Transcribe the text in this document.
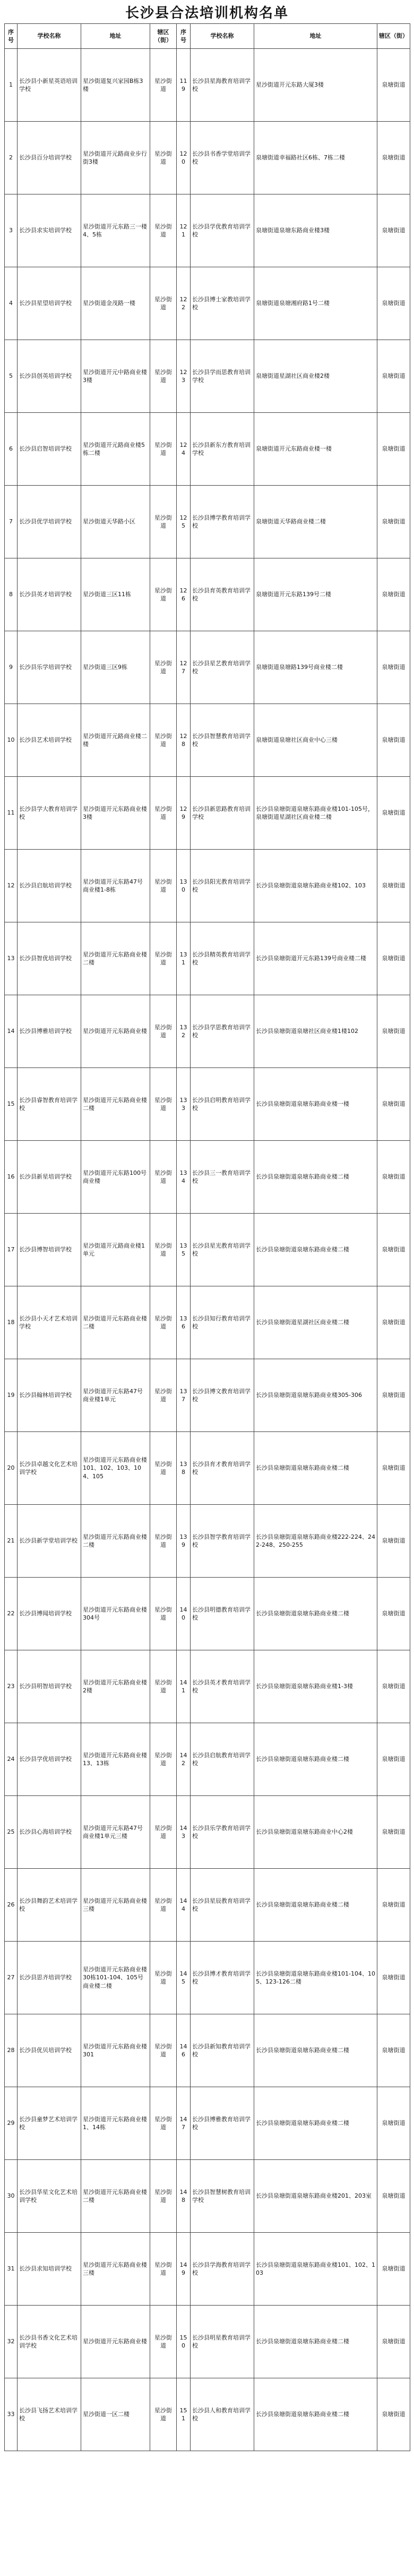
长沙县合法培训机构名单
序号	学校名称	地址	辖区（街）	序号	学校名称	地址	辖区（街）
1	长沙县小新星英语培训学校	星沙街道复兴家园B栋3楼	星沙街道	119	长沙县星海教育培训学校	星沙街道开元东路大厦3楼	泉塘街道
2	长沙县百分培训学校	星沙街道开元路商业步行街3楼	星沙街道	120	长沙县书香学堂培训学校	泉塘街道幸福路社区6栋、7栋二楼	泉塘街道
3	长沙县求实培训学校	星沙街道开元东路三一楼4、5栋	星沙街道	121	长沙县学优教育培训学校	泉塘街道泉塘东路商业楼3楼	泉塘街道
4	长沙县星望培训学校	星沙街道金茂路一楼	星沙街道	122	长沙县博士家教培训学校	泉塘街道泉塘湘府路1号二楼	泉塘街道
5	长沙县创英培训学校	星沙街道开元中路商业楼3楼	星沙街道	123	长沙县学而思教育培训学校	泉塘街道星湖社区商业楼2楼	泉塘街道
6	长沙县启智培训学校	星沙街道开元路商业楼5栋二楼	星沙街道	124	长沙县新东方教育培训学校	泉塘街道开元东路商业楼一楼	泉塘街道
7	长沙县优学培训学校	星沙街道天华路小区	星沙街道	125	长沙县博学教育培训学校	泉塘街道天华路商业楼二楼	泉塘街道
8	长沙县英才培训学校	星沙街道三区11栋	星沙街道	126	长沙县育英教育培训学校	泉塘街道开元东路139号二楼	泉塘街道
9	长沙县乐学培训学校	星沙街道三区9栋	星沙街道	127	长沙县星艺教育培训学校	泉塘街道泉塘路139号商业楼二楼	泉塘街道
10	长沙县艺术培训学校	星沙街道开元路商业楼二楼	星沙街道	128	长沙县智慧教育培训学校	泉塘街道泉塘社区商业中心三楼	泉塘街道
11	长沙县学大教育培训学校	星沙街道开元东路商业楼3楼	星沙街道	129	长沙县新思路教育培训学校	长沙县泉塘街道泉塘东路商业楼101-105号，泉塘街道星湖社区商业楼二楼	泉塘街道
12	长沙县启航培训学校	星沙街道开元东路47号商业楼1-8栋	星沙街道	130	长沙县阳光教育培训学校	长沙县泉塘街道泉塘东路商业楼102、103	泉塘街道
13	长沙县智优培训学校	星沙街道开元东路商业楼二楼	星沙街道	131	长沙县精英教育培训学校	长沙县泉塘街道开元东路139号商业楼二楼	泉塘街道
14	长沙县博雅培训学校	星沙街道开元东路商业楼	星沙街道	132	长沙县学思教育培训学校	长沙县泉塘街道泉塘社区商业楼1楼102	泉塘街道
15	长沙县睿智教育培训学校	星沙街道开元东路商业楼二楼	星沙街道	133	长沙县启明教育培训学校	长沙县泉塘街道泉塘东路商业楼一楼	泉塘街道
16	长沙县新星培训学校	星沙街道开元东路100号商业楼	星沙街道	134	长沙县三一教育培训学校	长沙县泉塘街道泉塘东路商业楼二楼	泉塘街道
17	长沙县博智培训学校	星沙街道开元路商业楼1单元	星沙街道	135	长沙县星光教育培训学校	长沙县泉塘街道泉塘东路商业楼二楼	泉塘街道
18	长沙县小天才艺术培训学校	星沙街道开元东路商业楼二楼	星沙街道	136	长沙县知行教育培训学校	长沙县泉塘街道星湖社区商业楼二楼	泉塘街道
19	长沙县翰林培训学校	星沙街道开元东路47号商业楼1单元	星沙街道	137	长沙县博文教育培训学校	长沙县泉塘街道泉塘东路商业楼305-306	泉塘街道
20	长沙县卓越文化艺术培训学校	星沙街道开元东路商业楼101、102、103、104、105	星沙街道	138	长沙县育才教育培训学校	长沙县泉塘街道泉塘东路商业楼二楼	泉塘街道
21	长沙县新学堂培训学校	星沙街道开元东路商业楼二楼	星沙街道	139	长沙县智学教育培训学校	长沙县泉塘街道泉塘东路商业楼222-224、242-248、250-255	泉塘街道
22	长沙县博闻培训学校	星沙街道开元东路商业楼304号	星沙街道	140	长沙县明德教育培训学校	长沙县泉塘街道泉塘东路商业楼二楼	泉塘街道
23	长沙县明智培训学校	星沙街道开元东路商业楼2楼	星沙街道	141	长沙县英才教育培训学校	长沙县泉塘街道泉塘东路商业楼1-3楼	泉塘街道
24	长沙县学优培训学校	星沙街道开元东路商业楼13、13栋	星沙街道	142	长沙县启航教育培训学校	长沙县泉塘街道泉塘东路商业楼二楼	泉塘街道
25	长沙县心海培训学校	星沙街道开元东路47号商业楼1单元三楼	星沙街道	143	长沙县乐学教育培训学校	长沙县泉塘街道泉塘东路商业中心2楼	泉塘街道
26	长沙县舞韵艺术培训学校	星沙街道开元东路商业楼三楼	星沙街道	144	长沙县星辰教育培训学校	长沙县泉塘街道泉塘东路商业楼二楼	泉塘街道
27	长沙县思齐培训学校	星沙街道开元东路商业楼30栋101-104、105号商业楼二楼	星沙街道	145	长沙县博才教育培训学校	长沙县泉塘街道泉塘东路商业楼101-104、105、123-126二楼	泉塘街道
28	长沙县优贝培训学校	星沙街道开元东路商业楼301	星沙街道	146	长沙县新知教育培训学校	长沙县泉塘街道泉塘东路商业楼二楼	泉塘街道
29	长沙县童梦艺术培训学校	星沙街道开元东路商业楼1、14栋	星沙街道	147	长沙县博雅教育培训学校	长沙县泉塘街道泉塘东路商业楼二楼	泉塘街道
30	长沙县华星文化艺术培训学校	星沙街道开元东路商业楼二楼	星沙街道	148	长沙县智慧树教育培训学校	长沙县泉塘街道泉塘东路商业楼201、203室	泉塘街道
31	长沙县求知培训学校	星沙街道开元东路商业楼三楼	星沙街道	149	长沙县学海教育培训学校	长沙县泉塘街道泉塘东路商业楼101、102、103	泉塘街道
32	长沙县书香文化艺术培训学校	星沙街道开元东路商业楼	星沙街道	150	长沙县明星教育培训学校	长沙县泉塘街道泉塘东路商业楼二楼	泉塘街道
33	长沙县飞扬艺术培训学校	星沙街道一区二楼	星沙街道	151	长沙县人和教育培训学校	长沙县泉塘街道泉塘东路商业楼二楼	泉塘街道
